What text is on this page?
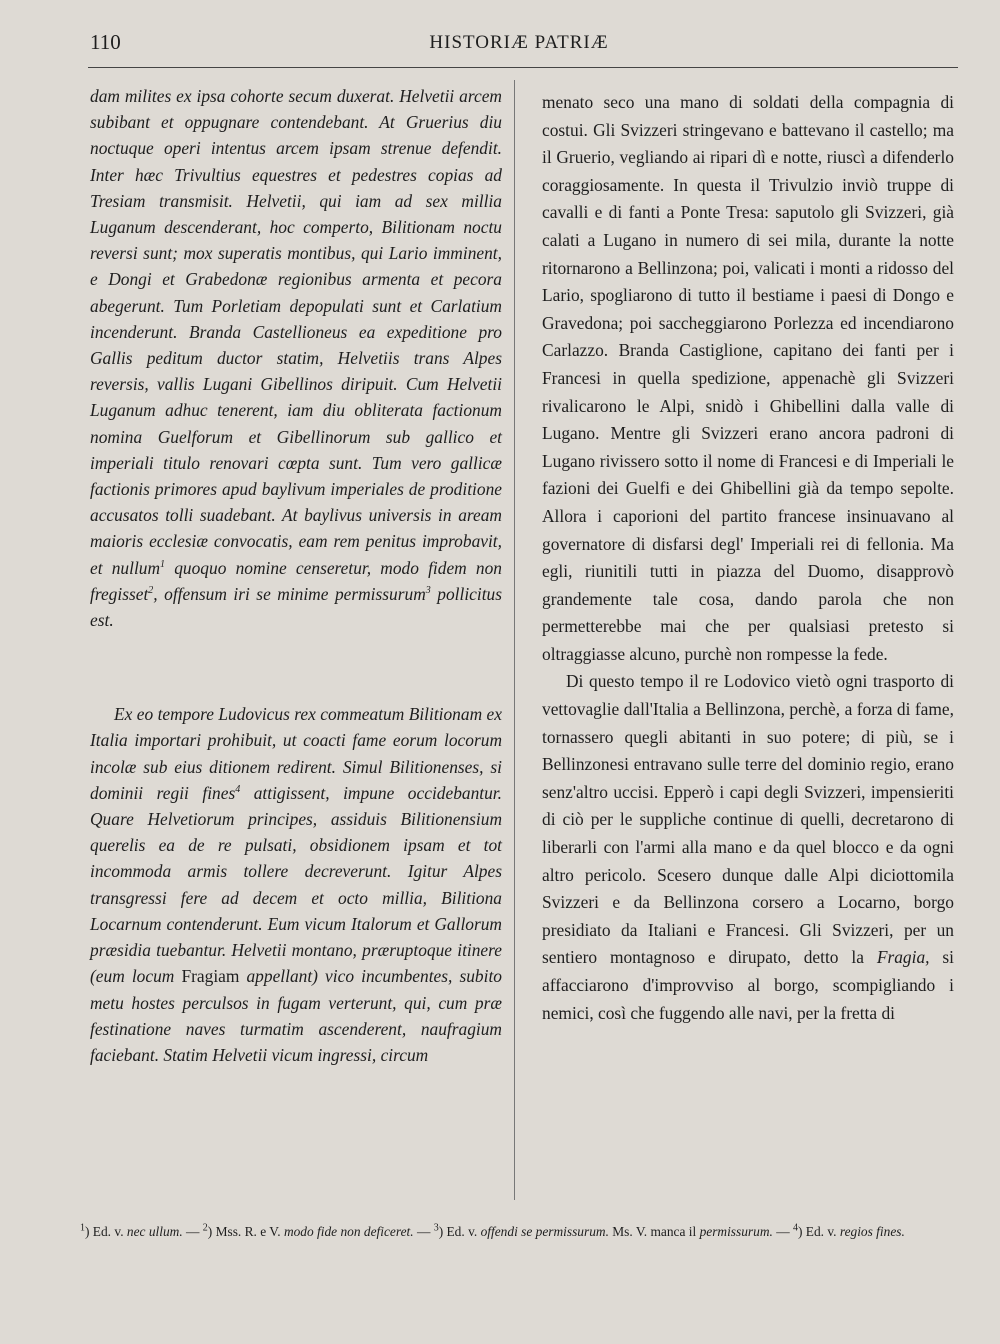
110	HISTORIÆ PATRIÆ

dam milites ex ipsa cohorte secum duxerat. Helvetii arcem subibant et oppugnare contendebant. At Gruerius diu noctuque operi intentus arcem ipsam strenue defendit. Inter hæc Trivultius equestres et pedestres copias ad Tresiam transmisit. Helvetii, qui iam ad sex millia Luganum descenderant, hoc comperto, Bilitionam noctu reversi sunt; mox superatis montibus, qui Lario imminent, e Dongi et Grabedonæ regionibus armenta et pecora abegerunt. Tum Porletiam depopulati sunt et Carlatium incenderunt. Branda Castellioneus ea expeditione pro Gallis peditum ductor statim, Helvetiis trans Alpes reversis, vallis Lugani Gibellinos diripuit. Cum Helvetii Luganum adhuc tenerent, iam diu obliterata factionum nomina Guelforum et Gibellinorum sub gallico et imperiali titulo renovari cœpta sunt. Tum vero gallicæ factionis primores apud baylivum imperiales de proditione accusatos tolli suadebant. At baylivus universis in aream maioris ecclesiæ convocatis, eam rem penitus improbavit, et nullum$^1$ quoquo nomine censeretur, modo fidem non fregisset$^2$, offensum iri se minime permissurum$^3$ pollicitus est.

Ex eo tempore Ludovicus rex commeatum Bilitionam ex Italia importari prohibuit, ut coacti fame eorum locorum incolæ sub eius ditionem redirent. Simul Bilitionenses, si dominii regii fines$^4$ attigissent, impune occidebantur. Quare Helvetiorum principes, assiduis Bilitionensium querelis ea de re pulsati, obsidionem ipsam et tot incommoda armis tollere decreverunt. Igitur Alpes transgressi fere ad decem et octo millia, Bilitiona Locarnum contenderunt. Eum vicum Italorum et Gallorum præsidia tuebantur. Helvetii montano, præruptoque itinere (eum locum Fragiam appellant) vico incumbentes, subito metu hostes perculsos in fugam verterunt, qui, cum præ festinatione naves turmatim ascenderent, naufragium faciebant. Statim Helvetii vicum ingressi, circum

menato seco una mano di soldati della compagnia di costui. Gli Svizzeri stringevano e battevano il castello; ma il Gruerio, vegliando ai ripari dì e notte, riuscì a difenderlo coraggiosamente. In questa il Trivulzio inviò truppe di cavalli e di fanti a Ponte Tresa: saputolo gli Svizzeri, già calati a Lugano in numero di sei mila, durante la notte ritornarono a Bellinzona; poi, valicati i monti a ridosso del Lario, spogliarono di tutto il bestiame i paesi di Dongo e Gravedona; poi saccheggiarono Porlezza ed incendiarono Carlazzo. Branda Castiglione, capitano dei fanti per i Francesi in quella spedizione, appenachè gli Svizzeri rivalicarono le Alpi, snidò i Ghibellini dalla valle di Lugano. Mentre gli Svizzeri erano ancora padroni di Lugano rivissero sotto il nome di Francesi e di Imperiali le fazioni dei Guelfi e dei Ghibellini già da tempo sepolte. Allora i caporioni del partito francese insinuavano al governatore di disfarsi degl' Imperiali rei di fellonia. Ma egli, riunitili tutti in piazza del Duomo, disapprovò grandemente tale cosa, dando parola che non permetterebbe mai che per qualsiasi pretesto si oltraggiasse alcuno, purchè non rompesse la fede.

Di questo tempo il re Lodovico vietò ogni trasporto di vettovaglie dall'Italia a Bellinzona, perchè, a forza di fame, tornassero quegli abitanti in suo potere; di più, se i Bellinzonesi entravano sulle terre del dominio regio, erano senz'altro uccisi. Epperò i capi degli Svizzeri, impensieriti di ciò per le suppliche continue di quelli, decretarono di liberarli con l'armi alla mano e da quel blocco e da ogni altro pericolo. Scesero dunque dalle Alpi diciottomila Svizzeri e da Bellinzona corsero a Locarno, borgo presidiato da Italiani e Francesi. Gli Svizzeri, per un sentiero montagnoso e dirupato, detto la Fragia, si affacciarono d'improvviso al borgo, scompigliando i nemici, così che fuggendo alle navi, per la fretta di

$^1$) Ed. v. nec ullum. — $^2$) Mss. R. e V. modo fide non deficeret. — $^3$) Ed. v. offendi se permissurum. Ms. V. manca il permissurum. — $^4$) Ed. v. regios fines.
